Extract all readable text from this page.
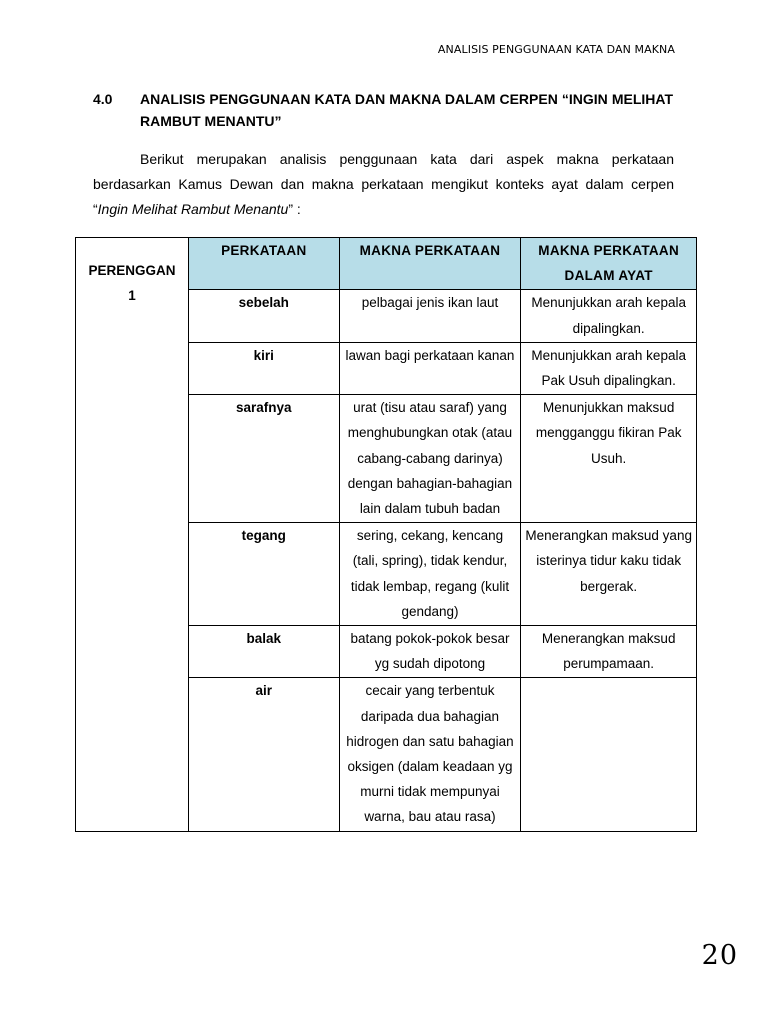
ANALISIS PENGGUNAAN KATA DAN MAKNA
4.0 ANALISIS PENGGUNAAN KATA DAN MAKNA DALAM CERPEN “INGIN MELIHAT RAMBUT MENANTU”

Berikut merupakan analisis penggunaan kata dari aspek makna perkataan berdasarkan Kamus Dewan dan makna perkataan mengikut konteks ayat dalam cerpen “Ingin Melihat Rambut Menantu” :

PERENGGAN
1	PERKATAAN	MAKNA PERKATAAN	MAKNA PERKATAAN DALAM AYAT
	sebelah	pelbagai jenis ikan laut	Menunjukkan arah kepala dipalingkan.
	kiri	lawan bagi perkataan kanan	Menunjukkan arah kepala Pak Usuh dipalingkan.
	sarafnya	urat (tisu atau saraf) yang menghubungkan otak (atau cabang-cabang darinya) dengan bahagian-bahagian lain dalam tubuh badan	Menunjukkan maksud mengganggu fikiran Pak Usuh.
	tegang	sering, cekang, kencang (tali, spring), tidak kendur, tidak lembap, regang (kulit gendang)	Menerangkan maksud yang isterinya tidur kaku tidak bergerak.
	balak	batang pokok-pokok besar yg sudah dipotong	Menerangkan maksud perumpamaan.
	air	cecair yang terbentuk daripada dua bahagian hidrogen dan satu bahagian oksigen (dalam keadaan yg murni tidak mempunyai warna, bau atau rasa)	
20
